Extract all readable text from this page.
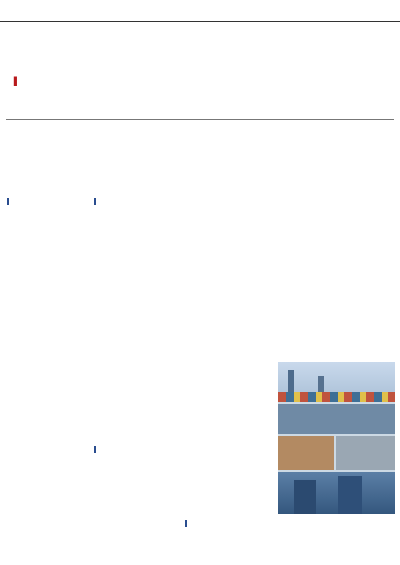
▌
